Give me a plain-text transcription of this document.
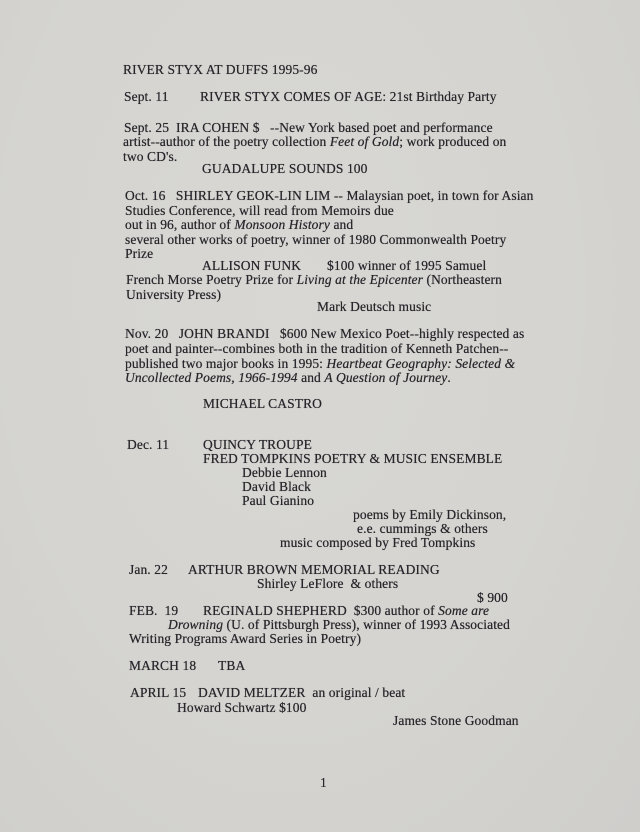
RIVER STYX AT DUFFS 1995-96
Sept. 11 RIVER STYX COMES OF AGE: 21st Birthday Party
Sept. 25  IRA COHEN $   --New York based poet and performance
artist--author of the poetry collection Feet of Gold; work produced on
two CD's.
GUADALUPE SOUNDS 100
Oct. 16   SHIRLEY GEOK-LIN LIM -- Malaysian poet, in town for Asian
Studies Conference, will read from Memoirs due
out in 96, author of Monsoon History and
several other works of poetry, winner of 1980 Commonwealth Poetry
Prize
ALLISON FUNK $100 winner of 1995 Samuel
French Morse Poetry Prize for Living at the Epicenter (Northeastern
University Press)
Mark Deutsch music
Nov. 20   JOHN BRANDI   $600 New Mexico Poet--highly respected as
poet and painter--combines both in the tradition of Kenneth Patchen--
published two major books in 1995: Heartbeat Geography: Selected &
Uncollected Poems, 1966-1994 and A Question of Journey.
MICHAEL CASTRO
Dec. 11	QUINCY TROUPE
FRED TOMPKINS POETRY & MUSIC ENSEMBLE
Debbie Lennon
David Black
Paul Gianino
poems by Emily Dickinson,
e.e. cummings & others
music composed by Fred Tompkins
Jan. 22 ARTHUR BROWN MEMORIAL READING
Shirley LeFlore  & others
$ 900
FEB.  19 REGINALD SHEPHERD  $300 author of Some are
Drowning (U. of Pittsburgh Press), winner of 1993 Associated
Writing Programs Award Series in Poetry)
MARCH 18 TBA
APRIL 15 DAVID MELTZER  an original / beat
Howard Schwartz $100
James Stone Goodman
1
